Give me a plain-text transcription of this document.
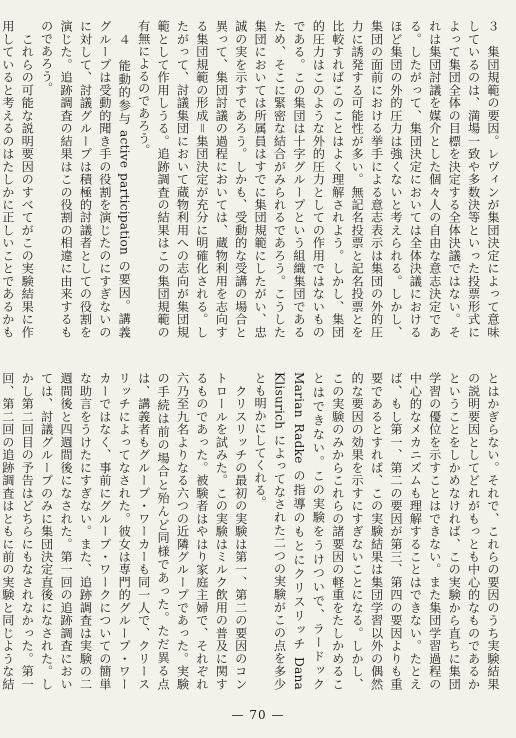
３　集団規範の要因。レヴィンが集団決定によって意味しているのは、満場一致や多数決等といった投票形式によって集団全体の目標を決定する全体決議ではない。それは集団討議を媒介とした個々人の自由な意志決定である。したがって、集団決定においては全体決議におけるほど集団の外的圧力は強くないと考えられる。しかし、集団の面前における挙手による意志表示は集団の外的圧力に誘発する可能性が多い。無記名投票と記名投票とを比較すればこのことはよく理解されよう。しかし、集団的圧力はこのような外的圧力としての作用ではないものである。この集団は十字グループという組織集団であるため、そこに緊密な結合がみられるであろう。こうした集団においては所属員はすでに集団規範にしたがい、忠誠の実を示すであろう。しかも、受動的な受講の場合と異って、集団討議の過程においては、蔵物利用を志向する集団規範の形成＝集団決定が充分に明確化される。したがって、討議集団において蔵物利用への志向が集団規範として作用しうる。追跡調査の結果はこの集団規範の有無によるのであろう。
　４　能動的参与 active participation の要因。講義グループは受動的聞き手の役割を演じたのにすぎないのに対して、討議グループは積極的討議者としての役割を演じた。追跡調査の結果はこの役割の相違に由来するものであろう。
　これらの可能な説明要因のすべてがこの実験結果に作用していると考えるのはたしかに正しいことであるかも
とはかぎらない。それで、これらの要因のうち実験結果の説明要因としてどれがもっとも中心的なものであるかということをしかめなければ、この実験から直ちに集団学習の優位を示すことはできない。また集団学習過程の中心的なメカニズムも理解することはできない。たとえば、もし第一、第二の要因が第三、第四の要因よりも重要であるとすれば、この実験結果は集団学習以外の偶然的な要因の効果を示すにすぎないことになる。しかし、この実験のみからこれらの諸要因の軽重をたしかめることはできない。この実験をうけついで、ラードック Marian Radke の指導のもとにクリスリッチ Dana Klisurich によってなされた二つの実験がこの点を多少とも明かにしてくれる。
　クリスリッチの最初の実験は第一、第二の要因のコントロールを試みた。この実験はミルク飲用の普及に関するものであった。被験者はやはり家庭主婦で、それぞれ六乃至九名よりなる六つの近隣グループであった。実験の手続は前の場合と殆んど同様であった。ただ異る点は、講義者もグループ・ワーカーも同一人で、クリースリッチによってなされた。彼女は専門的グループ・ワーカーではなく、事前にグループ・ワークについての簡単な助言をうけたにすぎない。また、追跡調査は実験の二週間後と四週間後になされた。第一回の追跡調査においては、討議グループのみに集団決定直後になされた。しかし第二回目の予告はどちらにもなされなかった。第一回、第二回の追跡調査はともに前の実験と同じような結
— 70 —
